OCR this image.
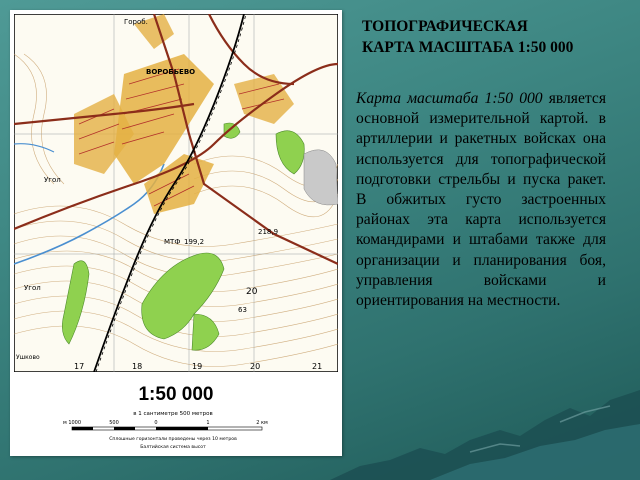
ВОРОБЬЕВО
Гороб.
Угол
218,9
63
20
199,2
МТФ
Угол
Ушково
17	18	19	20	21
1:50 000
в 1 сантиметре 500 метров
м 1000	500	0	1	2 км
Сплошные горизонтали проведены через 10 метров
Балтийская система высот
ТОПОГРАФИЧЕСКАЯ
КАРТА МАСШТАБА 1:50 000

Карта масштаба 1:50 000 является основной измерительной картой. в артиллерии и ракетных войсках она используется для топографической подготовки стрельбы и пуска ракет. В обжитых густо застроенных районах эта карта используется командирами и штабами также для организации и планирования боя, управления войсками и ориентирования на местности.
